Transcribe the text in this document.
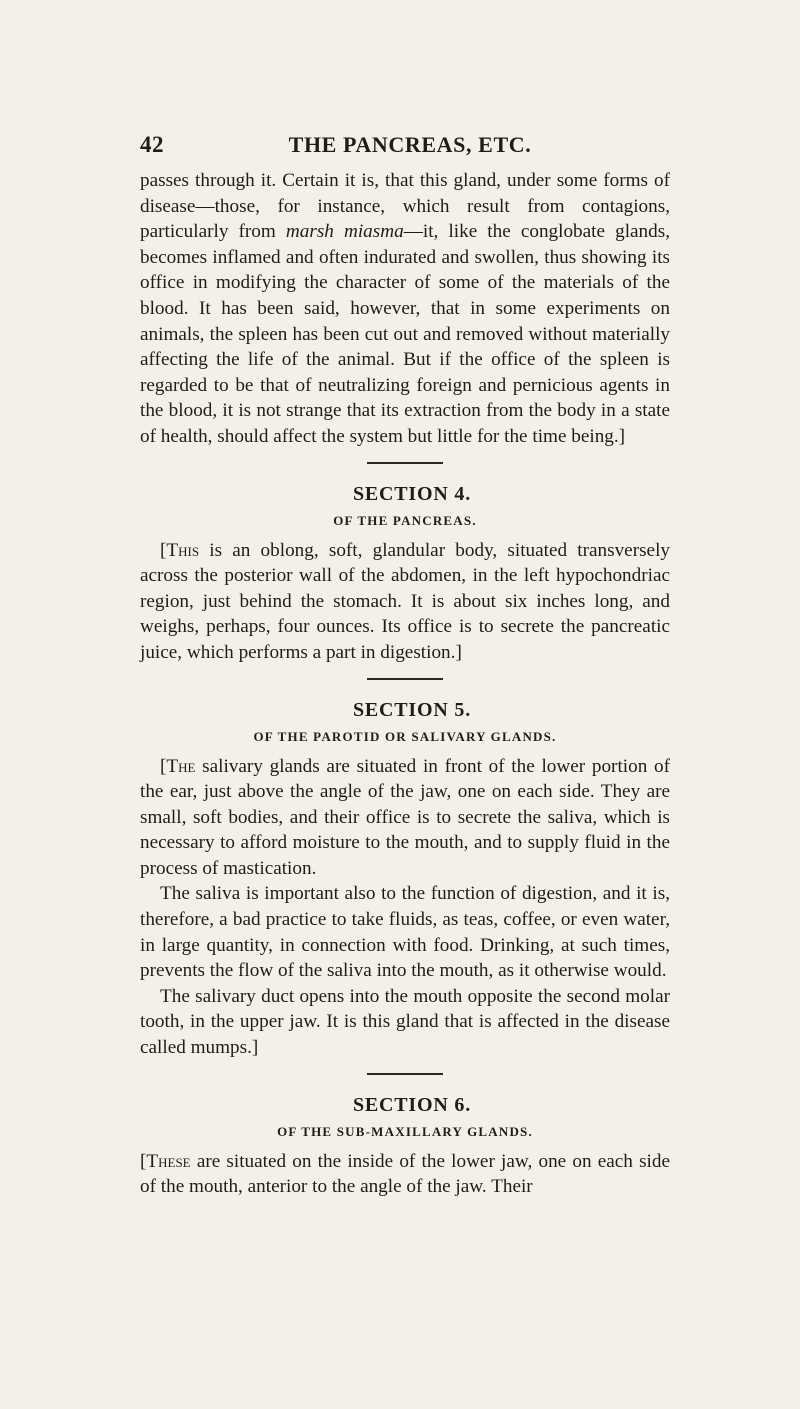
42	THE PANCREAS, ETC.

passes through it. Certain it is, that this gland, under some forms of disease—those, for instance, which result from contagions, particularly from marsh miasma—it, like the conglobate glands, becomes inflamed and often indurated and swollen, thus showing its office in modifying the character of some of the materials of the blood. It has been said, however, that in some experiments on animals, the spleen has been cut out and removed without materially affecting the life of the animal. But if the office of the spleen is regarded to be that of neutralizing foreign and pernicious agents in the blood, it is not strange that its extraction from the body in a state of health, should affect the system but little for the time being.]

SECTION 4.
OF THE PANCREAS.

[This is an oblong, soft, glandular body, situated transversely across the posterior wall of the abdomen, in the left hypochondriac region, just behind the stomach. It is about six inches long, and weighs, perhaps, four ounces. Its office is to secrete the pancreatic juice, which performs a part in digestion.]

SECTION 5.
OF THE PAROTID OR SALIVARY GLANDS.

[The salivary glands are situated in front of the lower portion of the ear, just above the angle of the jaw, one on each side. They are small, soft bodies, and their office is to secrete the saliva, which is necessary to afford moisture to the mouth, and to supply fluid in the process of mastication.

The saliva is important also to the function of digestion, and it is, therefore, a bad practice to take fluids, as teas, coffee, or even water, in large quantity, in connection with food. Drinking, at such times, prevents the flow of the saliva into the mouth, as it otherwise would.

The salivary duct opens into the mouth opposite the second molar tooth, in the upper jaw. It is this gland that is affected in the disease called mumps.]

SECTION 6.
OF THE SUB-MAXILLARY GLANDS.

[These are situated on the inside of the lower jaw, one on each side of the mouth, anterior to the angle of the jaw. Their
